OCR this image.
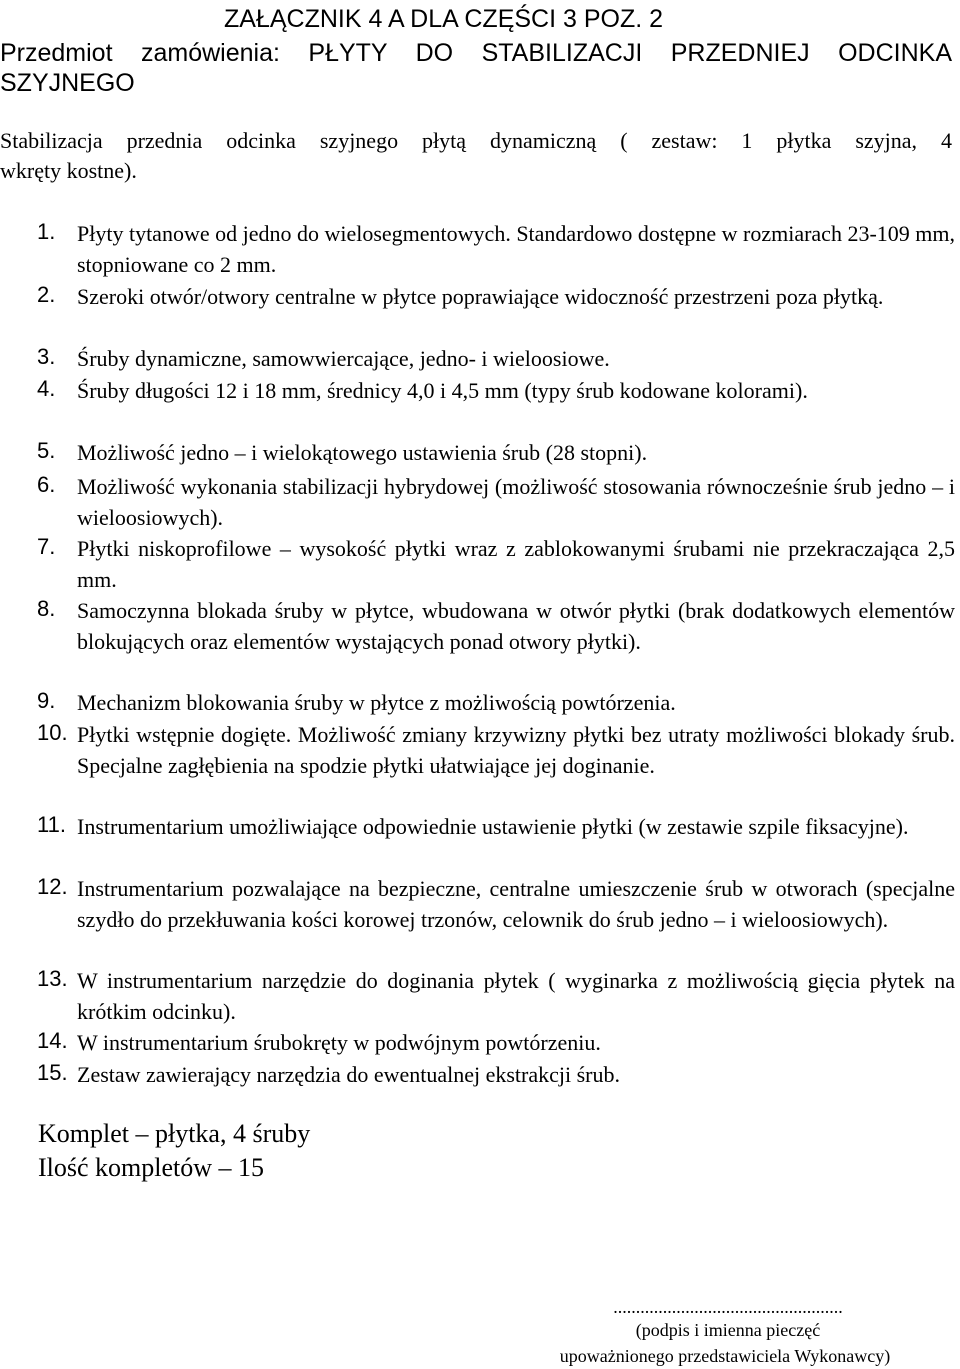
ZAŁĄCZNIK 4 A DLA CZĘŚCI 3 POZ. 2
Przedmiot zamówienia: PŁYTY DO STABILIZACJI PRZEDNIEJ ODCINKA
SZYJNEGO
Stabilizacja przednia odcinka szyjnego płytą dynamiczną ( zestaw: 1 płytka szyjna, 4
wkręty kostne).
1. Płyty tytanowe od jedno do wielosegmentowych. Standardowo dostępne w rozmiarach 23-109 mm, stopniowane co 2 mm.
2. Szeroki otwór/otwory centralne w płytce poprawiające widoczność przestrzeni poza płytką.
3. Śruby dynamiczne, samowwiercające, jedno- i wieloosiowe.
4. Śruby długości 12 i 18 mm, średnicy 4,0 i 4,5 mm (typy śrub kodowane kolorami).
5. Możliwość jedno – i wielokątowego ustawienia śrub (28 stopni).
6. Możliwość wykonania stabilizacji hybrydowej (możliwość stosowania równocześnie śrub jedno – i wieloosiowych).
7. Płytki niskoprofilowe – wysokość płytki wraz z zablokowanymi śrubami nie przekraczająca 2,5 mm.
8. Samoczynna blokada śruby w płytce, wbudowana w otwór płytki (brak dodatkowych elementów blokujących oraz elementów wystających ponad otwory płytki).
9. Mechanizm blokowania śruby w płytce z możliwością powtórzenia.
10. Płytki wstępnie dogięte. Możliwość zmiany krzywizny płytki bez utraty możliwości blokady śrub. Specjalne zagłębienia na spodzie płytki ułatwiające jej doginanie.
11. Instrumentarium umożliwiające odpowiednie ustawienie płytki (w zestawie szpile fiksacyjne).
12. Instrumentarium pozwalające na bezpieczne, centralne umieszczenie śrub w otworach (specjalne szydło do przekłuwania kości korowej trzonów, celownik do śrub jedno – i wieloosiowych).
13. W instrumentarium narzędzie do doginania płytek ( wyginarka z możliwością gięcia płytek na krótkim odcinku).
14. W instrumentarium śrubokręty w podwójnym powtórzeniu.
15. Zestaw zawierający narzędzia do ewentualnej ekstrakcji śrub.
Komplet – płytka, 4 śruby
Ilość kompletów – 15
...................................................
(podpis i imienna pieczęć
upoważnionego przedstawiciela Wykonawcy)
